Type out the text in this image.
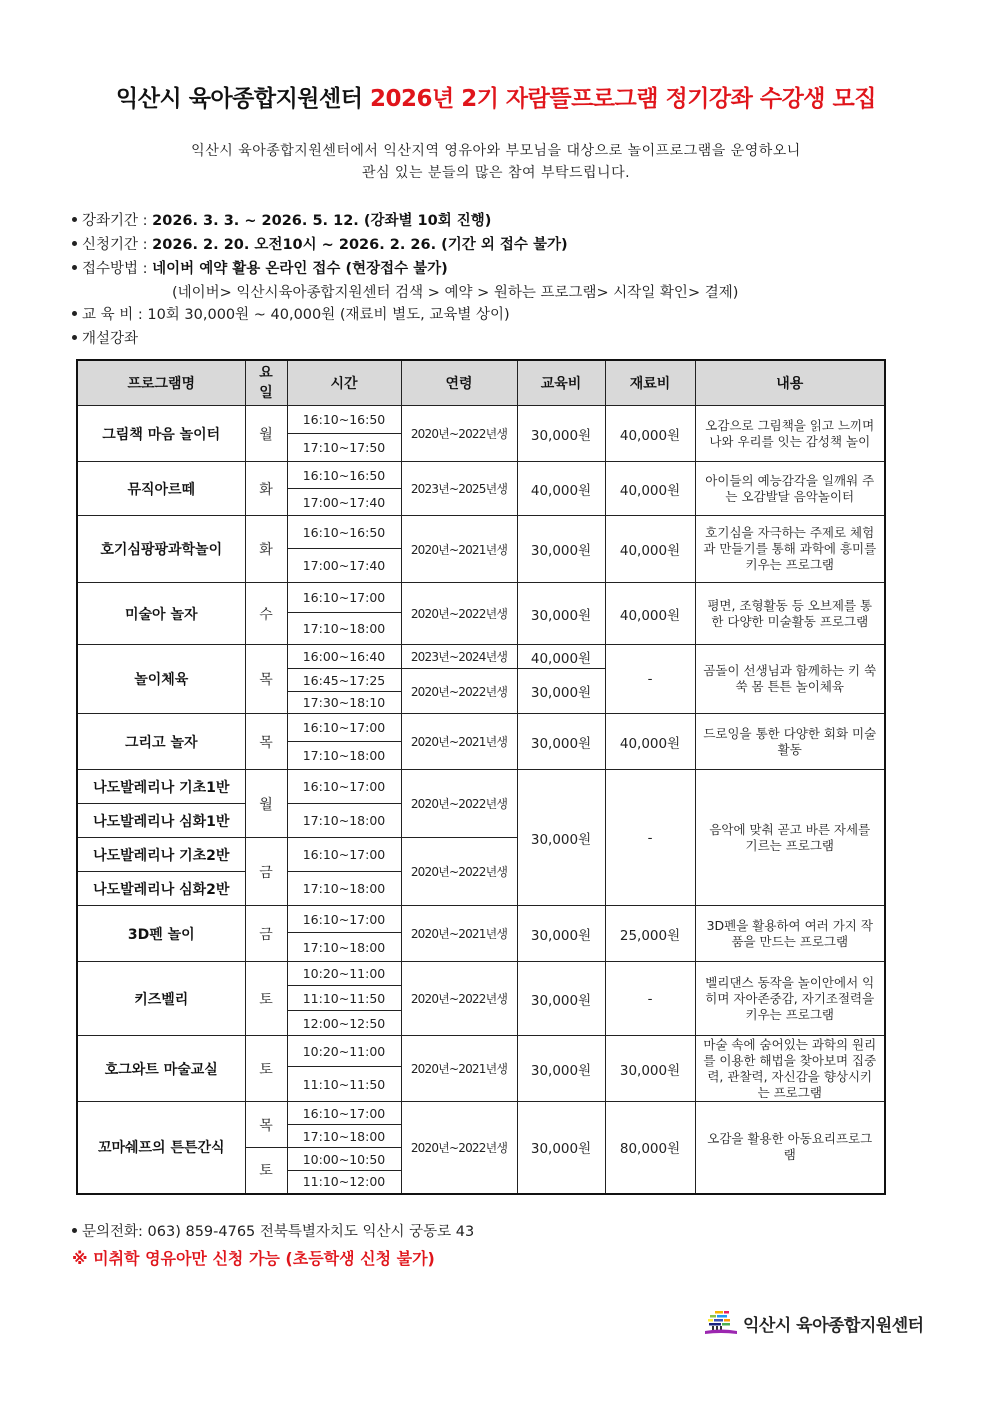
익산시 육아종합지원센터 2026년 2기 자람뜰프로그램 정기강좌 수강생 모집
익산시 육아종합지원센터에서 익산지역 영유아와 부모님을 대상으로 놀이프로그램을 운영하오니
관심 있는 분들의 많은 참여 부탁드립니다.
강좌기간 : 2026. 3. 3. ~ 2026. 5. 12. (강좌별 10회 진행)
신청기간 : 2026. 2. 20. 오전10시 ~ 2026. 2. 26. (기간 외 접수 불가)
접수방법 : 네이버 예약 활용 온라인 접수 (현장접수 불가)
(네이버> 익산시육아종합지원센터 검색 > 예약 > 원하는 프로그램> 시작일 확인> 결제)
교 육 비 : 10회 30,000원 ~ 40,000원 (재료비 별도, 교육별 상이)
개설강좌
프로그램명	요일	시간	연령	교육비	재료비	내용
그림책 마음 놀이터	월	16:10~16:50	2020년~2022년생	30,000원	40,000원	오감으로 그림책을 읽고 느끼며 나와 우리를 잇는 감성책 놀이
		17:10~17:50				
뮤직아르떼	화	16:10~16:50	2023년~2025년생	40,000원	40,000원	아이들의 예능감각을 일깨워 주는 오감발달 음악놀이터
		17:00~17:40				
호기심팡팡과학놀이	화	16:10~16:50	2020년~2021년생	30,000원	40,000원	호기심을 자극하는 주제로 체험과 만들기를 통해 과학에 흥미를 키우는 프로그램
		17:00~17:40				
미술아 놀자	수	16:10~17:00	2020년~2022년생	30,000원	40,000원	평면, 조형활동 등 오브제를 통한 다양한 미술활동 프로그램
		17:10~18:00				
놀이체육	목	16:00~16:40	2023년~2024년생	40,000원	-	곰돌이 선생님과 함께하는 키 쑥쑥 몸 튼튼 놀이체육
		16:45~17:25	2020년~2022년생	30,000원		
		17:30~18:10				
그리고 놀자	목	16:10~17:00	2020년~2021년생	30,000원	40,000원	드로잉을 통한 다양한 회화 미술활동
		17:10~18:00				
나도발레리나 기초1반	월	16:10~17:00	2020년~2022년생	30,000원	-	음악에 맞춰 곧고 바른 자세를 기르는 프로그램
나도발레리나 심화1반		17:10~18:00				
나도발레리나 기초2반	금	16:10~17:00	2020년~2022년생			
나도발레리나 심화2반		17:10~18:00				
3D펜 놀이	금	16:10~17:00	2020년~2021년생	30,000원	25,000원	3D펜을 활용하여 여러 가지 작품을 만드는 프로그램
		17:10~18:00				
키즈벨리	토	10:20~11:00	2020년~2022년생	30,000원	-	벨리댄스 동작을 놀이안에서 익히며 자아존중감, 자기조절력을 키우는 프로그램
		11:10~11:50				
		12:00~12:50				
호그와트 마술교실	토	10:20~11:00	2020년~2021년생	30,000원	30,000원	마술 속에 숨어있는 과학의 원리를 이용한 해법을 찾아보며 집중력, 관찰력, 자신감을 향상시키는 프로그램
		11:10~11:50				
꼬마쉐프의 튼튼간식	목	16:10~17:00	2020년~2022년생	30,000원	80,000원	오감을 활용한 아동요리프로그램
		17:10~18:00				
	토	10:00~10:50				
		11:10~12:00				
문의전화: 063) 859-4765 전북특별자치도 익산시 궁동로 43
※ 미취학 영유아만 신청 가능 (초등학생 신청 불가)
익산시 육아종합지원센터
